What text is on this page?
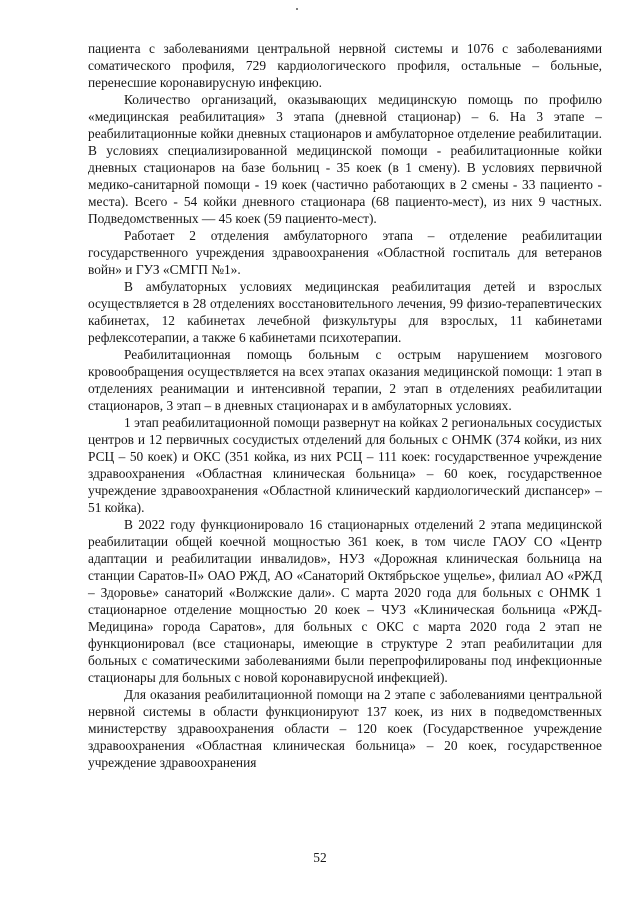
пациента с заболеваниями центральной нервной системы и 1076 с заболеваниями соматического профиля, 729 кардиологического профиля, остальные – больные, перенесшие коронавирусную инфекцию.

Количество организаций, оказывающих медицинскую помощь по профилю «медицинская реабилитация» 3 этапа (дневной стационар) – 6. На 3 этапе – реабилитационные койки дневных стационаров и амбулаторное отделение реабилитации. В условиях специализированной медицинской помощи - реабилитационные койки дневных стационаров на базе больниц - 35 коек (в 1 смену). В условиях первичной медико-санитарной помощи - 19 коек (частично работающих в 2 смены - 33 пациенто - места). Всего - 54 койки дневного стационара (68 пациенто-мест), из них 9 частных. Подведомственных — 45 коек (59 пациенто-мест).

Работает 2 отделения амбулаторного этапа – отделение реабилитации государственного учреждения здравоохранения «Областной госпиталь для ветеранов войн» и ГУЗ «СМГП №1».

В амбулаторных условиях медицинская реабилитация детей и взрослых осуществляется в 28 отделениях восстановительного лечения, 99 физио-терапевтических кабинетах, 12 кабинетах лечебной физкультуры для взрослых, 11 кабинетами рефлексотерапии, а также 6 кабинетами психотерапии.

Реабилитационная помощь больным с острым нарушением мозгового кровообращения осуществляется на всех этапах оказания медицинской помощи: 1 этап в отделениях реанимации и интенсивной терапии, 2 этап в отделениях реабилитации стационаров, 3 этап – в дневных стационарах и в амбулаторных условиях.

1 этап реабилитационной помощи развернут на койках 2 региональных сосудистых центров и 12 первичных сосудистых отделений для больных с ОНМК (374 койки, из них РСЦ – 50 коек) и ОКС (351 койка, из них РСЦ – 111 коек: государственное учреждение здравоохранения «Областная клиническая больница» – 60 коек, государственное учреждение здравоохранения «Областной клинический кардиологический диспансер» – 51 койка).

В 2022 году функционировало 16 стационарных отделений 2 этапа медицинской реабилитации общей коечной мощностью 361 коек, в том числе ГАОУ СО «Центр адаптации и реабилитации инвалидов», НУЗ «Дорожная клиническая больница на станции Саратов-II» ОАО РЖД, АО «Санаторий Октябрьское ущелье», филиал АО «РЖД – Здоровье» санаторий «Волжские дали». С марта 2020 года для больных с ОНМК 1 стационарное отделение мощностью 20 коек – ЧУЗ «Клиническая больница «РЖД-Медицина» города Саратов», для больных с ОКС с марта 2020 года 2 этап не функционировал (все стационары, имеющие в структуре 2 этап реабилитации для больных с соматическими заболеваниями были перепрофилированы под инфекционные стационары для больных с новой коронавирусной инфекцией).

Для оказания реабилитационной помощи на 2 этапе с заболеваниями центральной нервной системы в области функционируют 137 коек, из них в подведомственных министерству здравоохранения области – 120 коек (Государственное учреждение здравоохранения «Областная клиническая больница» – 20 коек, государственное учреждение здравоохранения

52
